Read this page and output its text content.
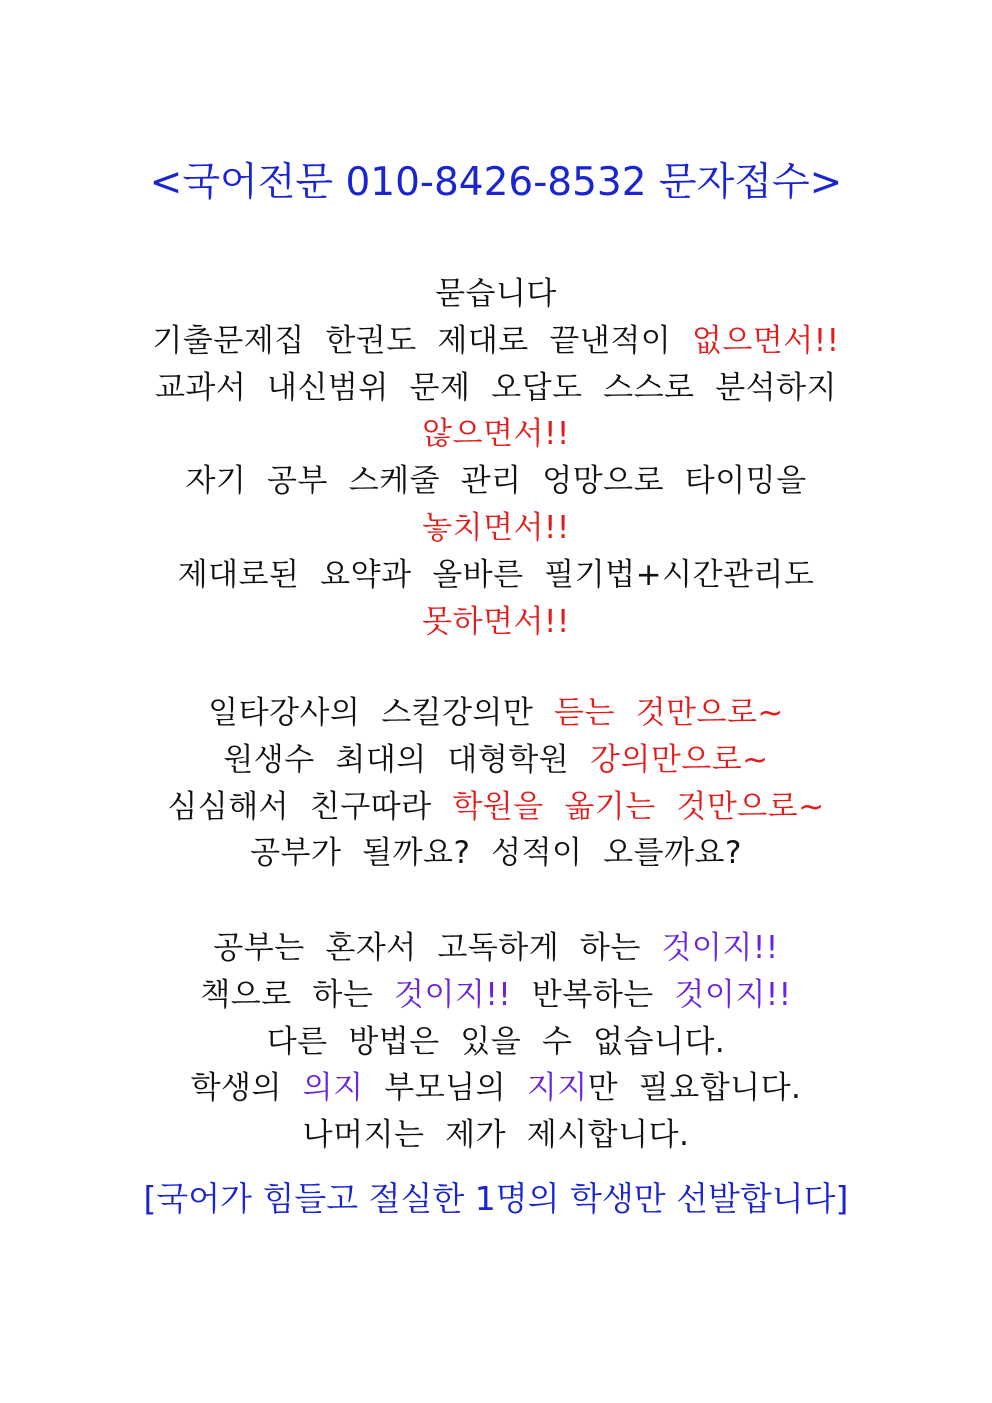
<국어전문 010-8426-8532 문자접수>
묻습니다
기출문제집  한권도  제대로  끝낸적이  없으면서!!
교과서  내신범위  문제  오답도  스스로  분석하지
않으면서!!
자기  공부  스케줄  관리  엉망으로  타이밍을
놓치면서!!
제대로된  요약과  올바른  필기법+시간관리도
못하면서!!
일타강사의  스킬강의만  듣는  것만으로~
원생수  최대의  대형학원  강의만으로~
심심해서  친구따라  학원을  옮기는  것만으로~
공부가  될까요?  성적이  오를까요?
공부는  혼자서  고독하게  하는  것이지!!
책으로  하는  것이지!!  반복하는  것이지!!
다른  방법은  있을  수  없습니다.
학생의  의지  부모님의  지지만  필요합니다.
나머지는  제가  제시합니다.
[국어가 힘들고 절실한 1명의 학생만 선발합니다]
